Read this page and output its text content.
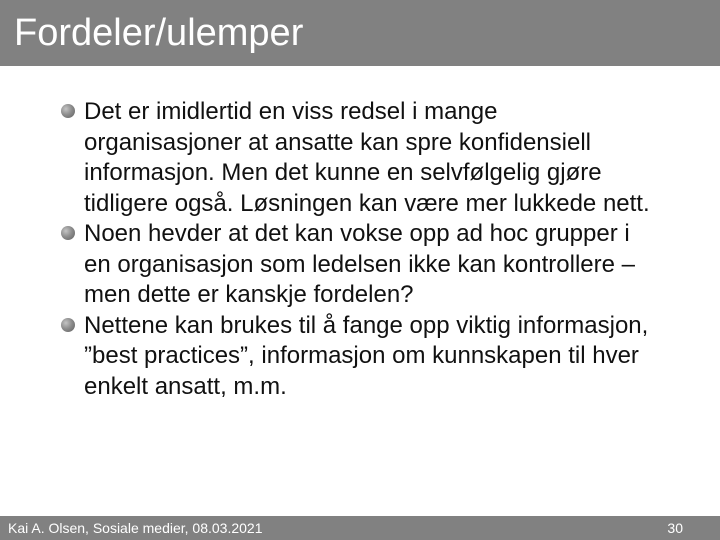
Fordeler/ulemper
Det er imidlertid en viss redsel i mange organisasjoner at ansatte kan spre konfidensiell informasjon. Men det kunne en selvfølgelig gjøre tidligere også. Løsningen kan være mer lukkede nett.
Noen hevder at det kan vokse opp ad hoc grupper i en organisasjon som ledelsen ikke kan kontrollere – men dette er kanskje fordelen?
Nettene kan brukes til å fange opp viktig informasjon, ”best practices”, informasjon om kunnskapen til hver enkelt ansatt, m.m.
Kai A. Olsen, Sosiale medier, 08.03.2021	30
